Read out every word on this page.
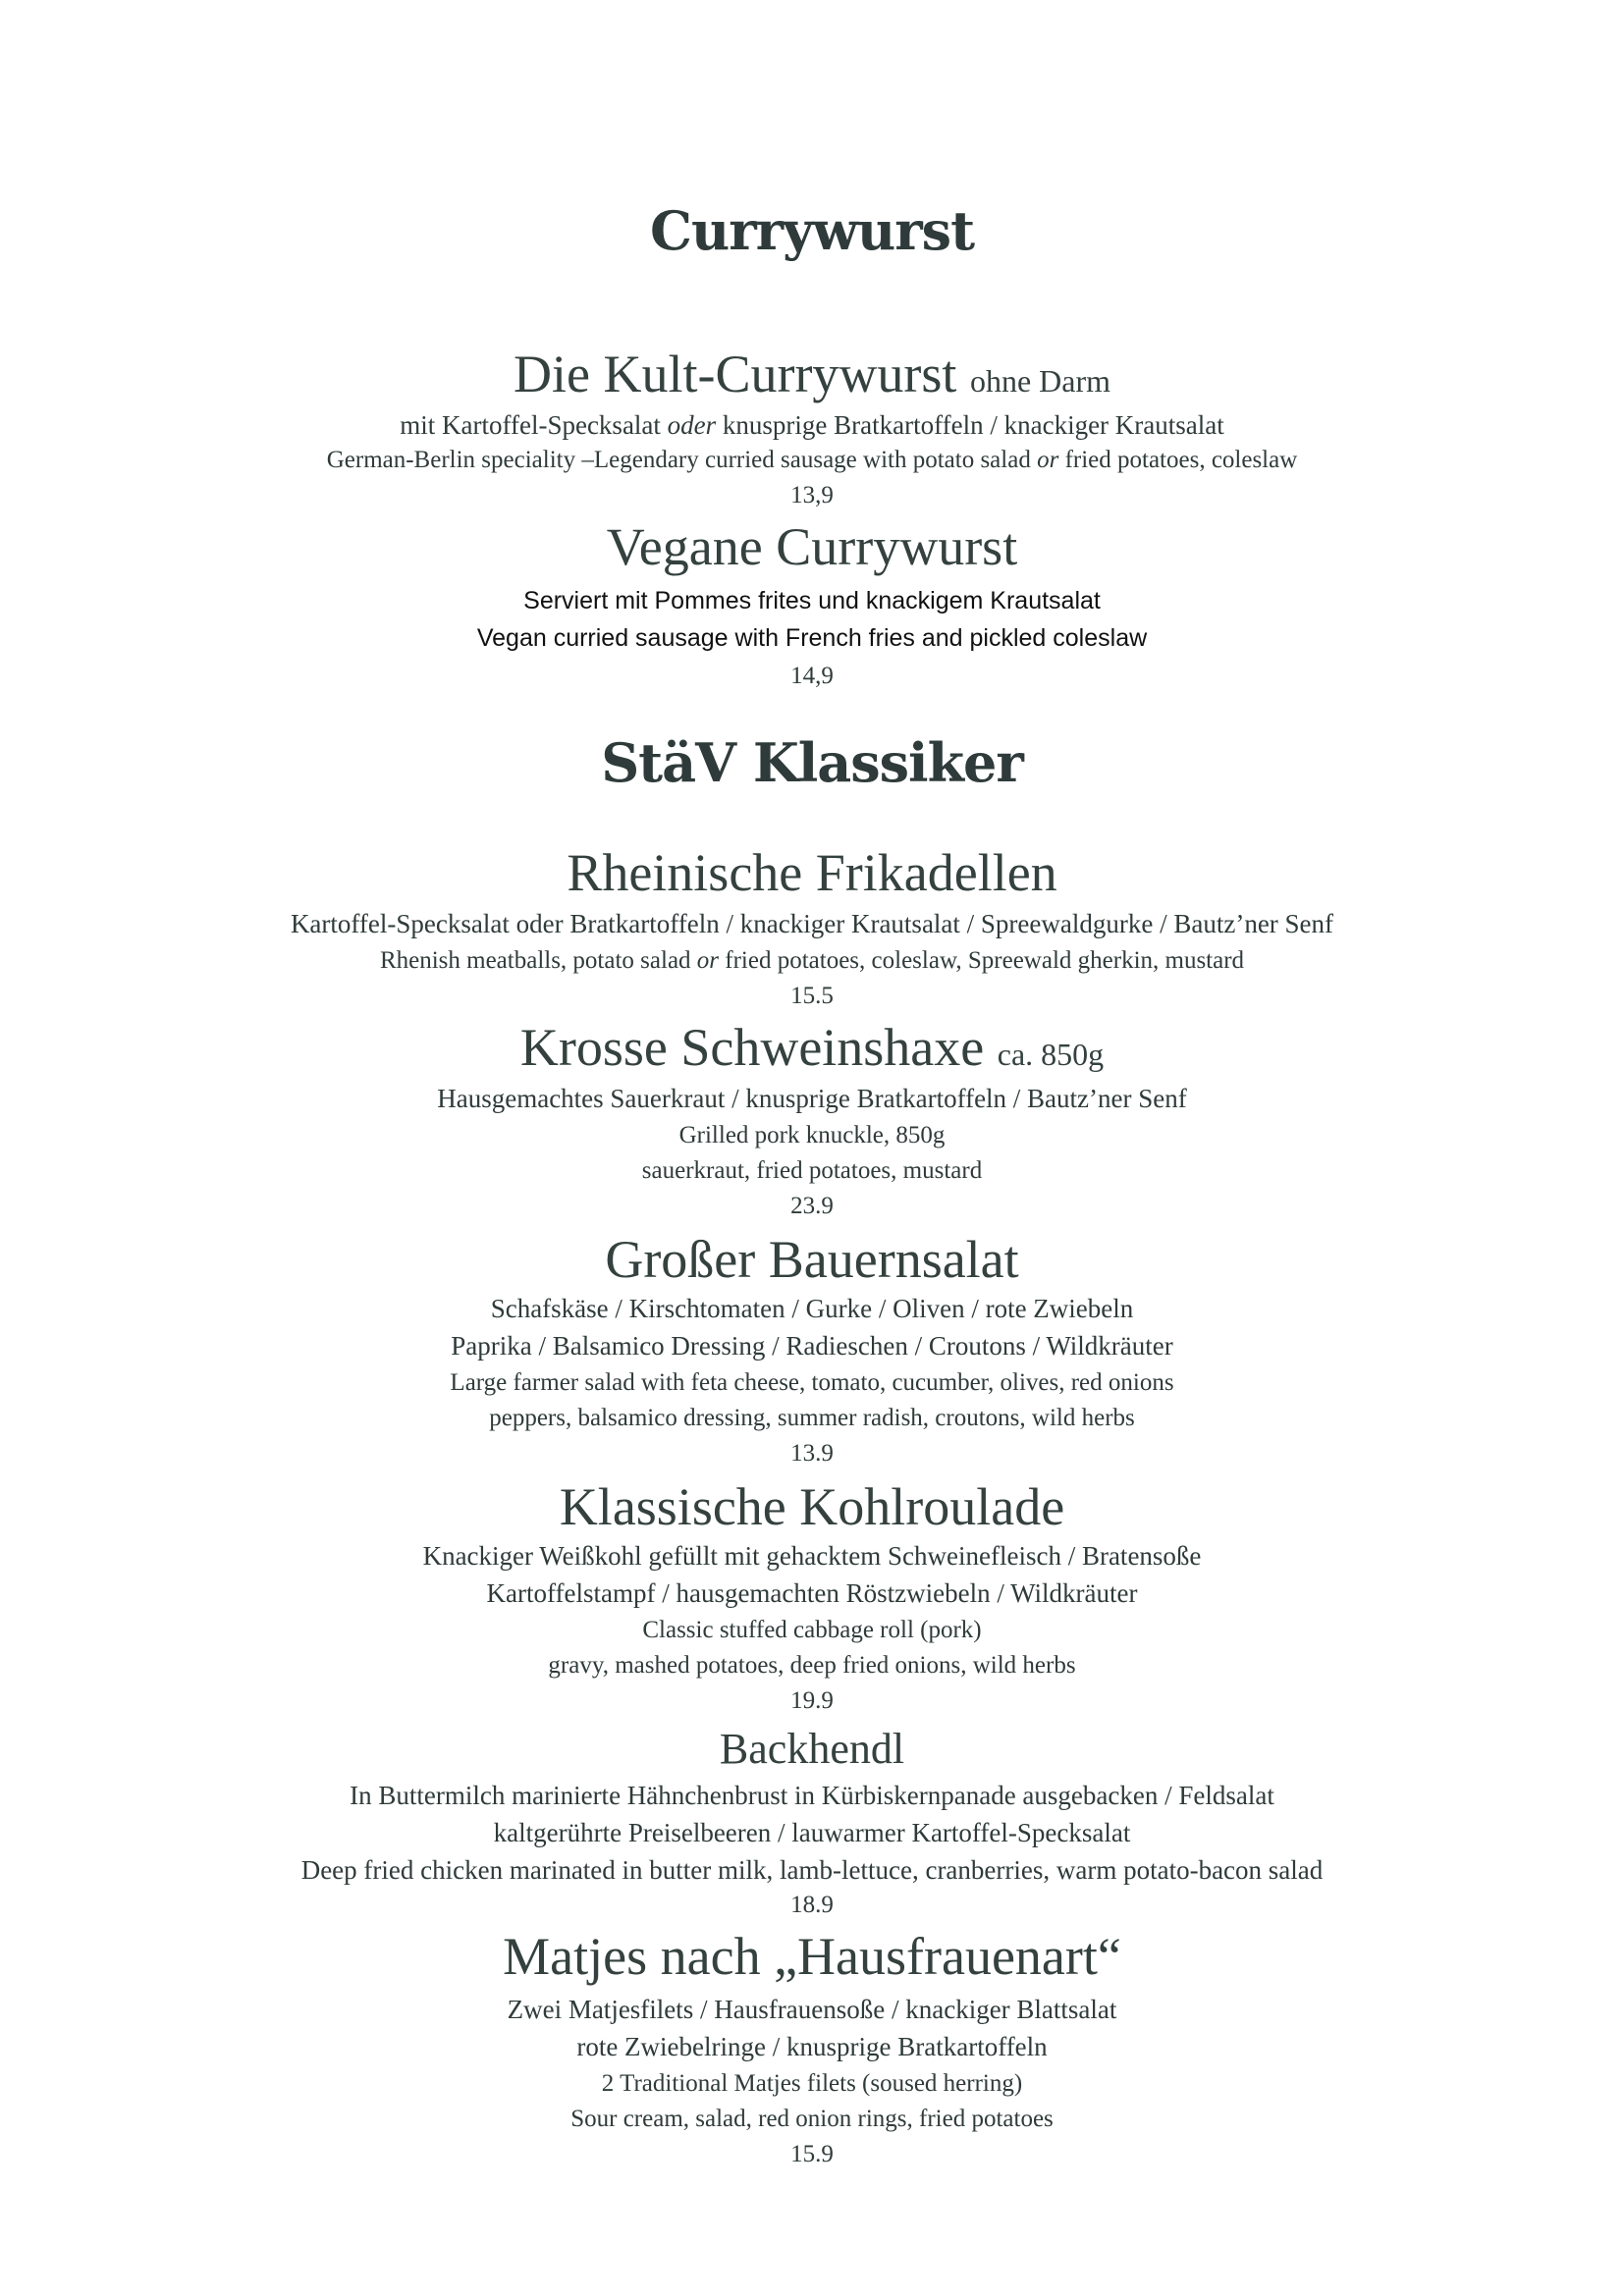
Currywurst
Die Kult-Currywurst ohne Darm
mit Kartoffel-Specksalat oder knusprige Bratkartoffeln / knackiger Krautsalat
German-Berlin speciality –Legendary curried sausage with potato salad or fried potatoes, coleslaw
13,9
Vegane Currywurst
Serviert mit Pommes frites und knackigem Krautsalat
Vegan curried sausage with French fries and pickled coleslaw
14,9
StäV Klassiker
Rheinische Frikadellen
Kartoffel-Specksalat oder Bratkartoffeln / knackiger Krautsalat / Spreewaldgurke / Bautz’ner Senf
Rhenish meatballs, potato salad or fried potatoes, coleslaw, Spreewald gherkin, mustard
15.5
Krosse Schweinshaxe ca. 850g
Hausgemachtes Sauerkraut / knusprige Bratkartoffeln / Bautz’ner Senf
Grilled pork knuckle, 850g
sauerkraut, fried potatoes, mustard
23.9
Großer Bauernsalat
Schafskäse / Kirschtomaten / Gurke / Oliven / rote Zwiebeln
Paprika / Balsamico Dressing / Radieschen / Croutons / Wildkräuter
Large farmer salad with feta cheese, tomato, cucumber, olives, red onions
peppers, balsamico dressing, summer radish, croutons, wild herbs
13.9
Klassische Kohlroulade
Knackiger Weißkohl gefüllt mit gehacktem Schweinefleisch / Bratensoße
Kartoffelstampf / hausgemachten Röstzwiebeln / Wildkräuter
Classic stuffed cabbage roll (pork)
gravy, mashed potatoes, deep fried onions, wild herbs
19.9
Backhendl
In Buttermilch marinierte Hähnchenbrust in Kürbiskernpanade ausgebacken / Feldsalat
kaltgerührte Preiselbeeren / lauwarmer Kartoffel-Specksalat
Deep fried chicken marinated in butter milk, lamb-lettuce, cranberries, warm potato-bacon salad
18.9
Matjes nach „Hausfrauenart“
Zwei Matjesfilets / Hausfrauensoße / knackiger Blattsalat
rote Zwiebelringe / knusprige Bratkartoffeln
2 Traditional Matjes filets (soused herring)
Sour cream, salad, red onion rings, fried potatoes
15.9
